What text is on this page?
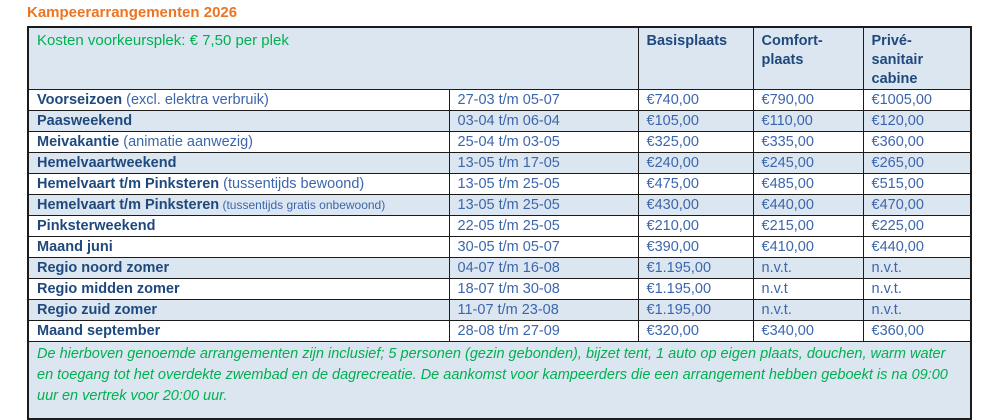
Kampeerarrangementen 2026
Kosten voorkeursplek: € 7,50 per plek		Basisplaats	Comfort-plaats	Privé-sanitair cabine
Voorseizoen (excl. elektra verbruik)	27-03 t/m 05-07	€740,00	€790,00	€1005,00
Paasweekend	03-04 t/m 06-04	€105,00	€110,00	€120,00
Meivakantie (animatie aanwezig)	25-04 t/m 03-05	€325,00	€335,00	€360,00
Hemelvaartweekend	13-05 t/m 17-05	€240,00	€245,00	€265,00
Hemelvaart t/m Pinksteren (tussentijds bewoond)	13-05 t/m 25-05	€475,00	€485,00	€515,00
Hemelvaart t/m Pinksteren (tussentijds gratis onbewoond)	13-05 t/m 25-05	€430,00	€440,00	€470,00
Pinksterweekend	22-05 t/m 25-05	€210,00	€215,00	€225,00
Maand juni	30-05 t/m 05-07	€390,00	€410,00	€440,00
Regio noord zomer	04-07 t/m 16-08	€1.195,00	n.v.t.	n.v.t.
Regio midden zomer	18-07 t/m 30-08	€1.195,00	n.v.t	n.v.t.
Regio zuid zomer	11-07 t/m 23-08	€1.195,00	n.v.t.	n.v.t.
Maand september	28-08 t/m 27-09	€320,00	€340,00	€360,00
De hierboven genoemde arrangementen zijn inclusief; 5 personen (gezin gebonden), bijzet tent, 1 auto op eigen plaats, douchen, warm water en toegang tot het overdekte zwembad en de dagrecreatie. De aankomst voor kampeerders die een arrangement hebben geboekt is na 09:00 uur en vertrek voor 20:00 uur.				
